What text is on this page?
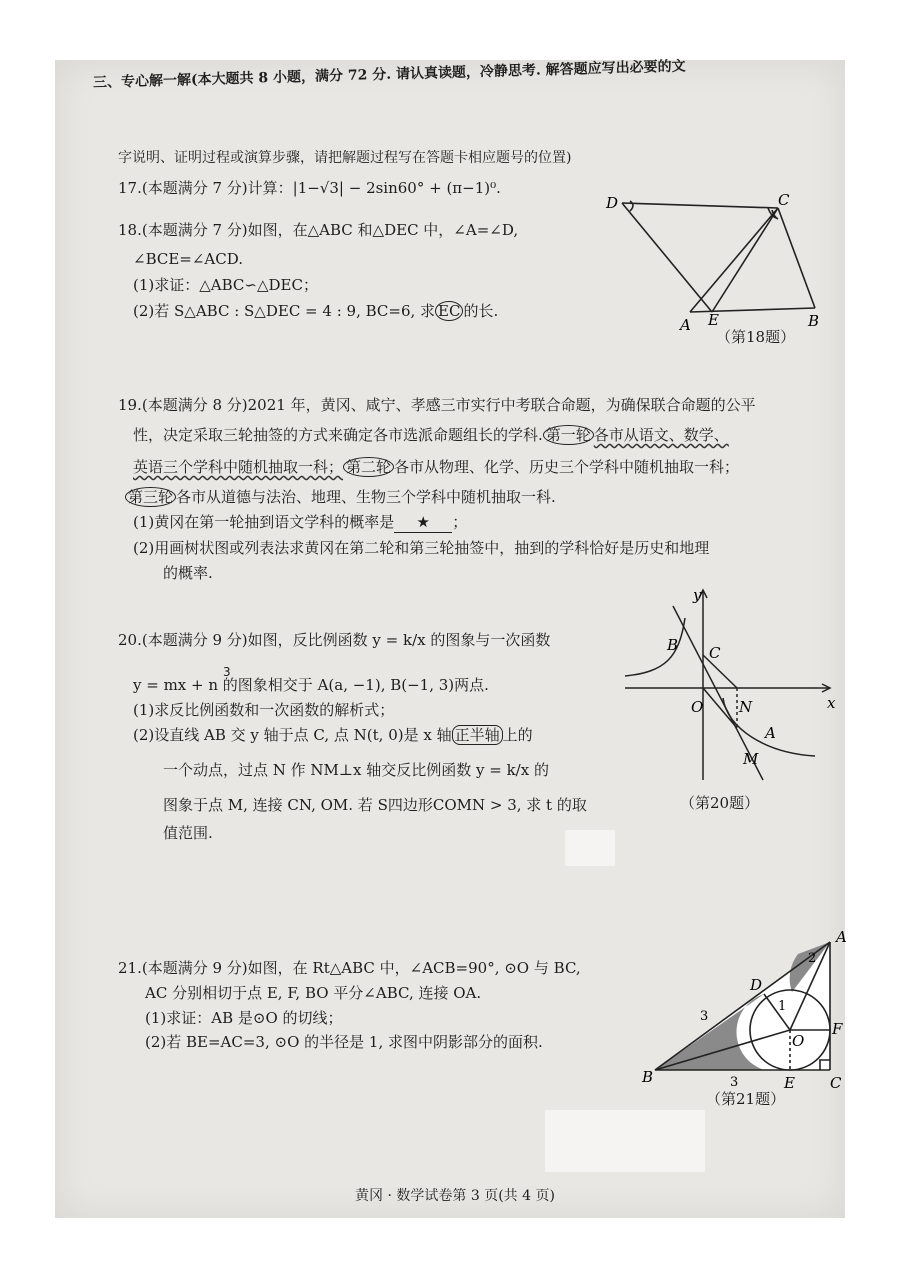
三、专心解一解(本大题共 8 小题，满分 72 分. 请认真读题，冷静思考. 解答题应写出必要的文
字说明、证明过程或演算步骤，请把解题过程写在答题卡相应题号的位置)
17.(本题满分 7 分)计算：|1−√3| − 2sin60° + (π−1)⁰.
18.(本题满分 7 分)如图，在△ABC 和△DEC 中，∠A=∠D,
∠BCE=∠ACD.
(1)求证：△ABC∽△DEC；
(2)若 S△ABC : S△DEC = 4 : 9, BC=6, 求 EC 的长.
D	C
A E	B
（第18题）
19.(本题满分 8 分)2021 年，黄冈、咸宁、孝感三市实行中考联合命题，为确保联合命题的公平
性，决定采取三轮抽签的方式来确定各市选派命题组长的学科. 第一轮 各市从语文、数学、
英语三个学科中随机抽取一科； 第二轮 各市从物理、化学、历史三个学科中随机抽取一科；
第三轮 各市从道德与法治、地理、生物三个学科中随机抽取一科.
(1)黄冈在第一轮抽到语文学科的概率是 ★ ；
(2)用画树状图或列表法求黄冈在第二轮和第三轮抽签中，抽到的学科恰好是历史和地理
的概率.
20.(本题满分 9 分)如图，反比例函数 y = k/x 的图象与一次函数
3
y = mx + n 的图象相交于 A(a, −1), B(−1, 3)两点.
(1)求反比例函数和一次函数的解析式；
(2)设直线 AB 交 y 轴于点 C, 点 N(t, 0)是 x 轴 正半轴 上的
一个动点，过点 N 作 NM⊥x 轴交反比例函数 y = k/x 的
图象于点 M, 连接 CN, OM. 若 S四边形COMN > 3, 求 t 的取
值范围.
y
x
B C
O N
A
M
（第20题）
21.(本题满分 9 分)如图，在 Rt△ABC 中，∠ACB=90°, ⊙O 与 BC,
AC 分别相切于点 E, F, BO 平分∠ABC, 连接 OA.
(1)求证：AB 是⊙O 的切线；
(2)若 BE=AC=3, ⊙O 的半径是 1, 求图中阴影部分的面积.
A
B	C
D
E
F
O
2
3
3
1
（第21题）
黄冈 · 数学试卷第 3 页(共 4 页)
